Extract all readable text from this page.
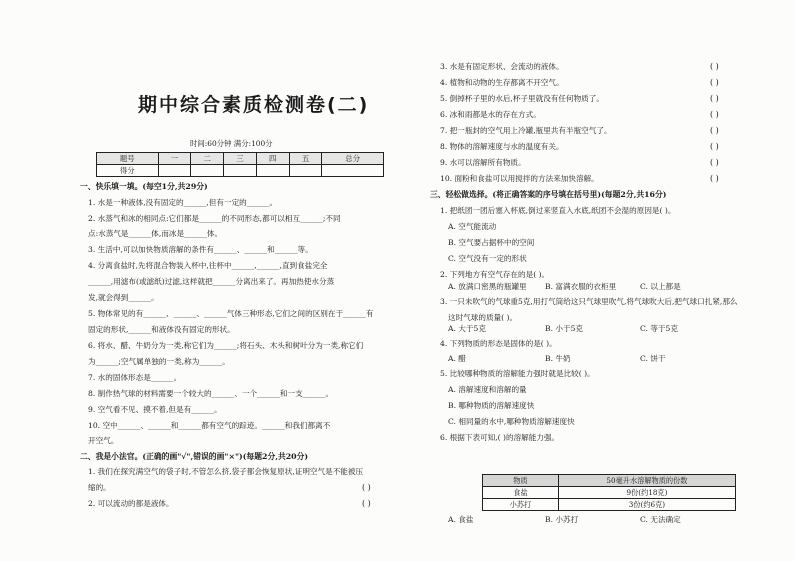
期中综合素质检测卷(二)
时间:60分钟 满分:100分
题号	一	二	三	四	五	总分
得分						
物质	50毫升水溶解物质的份数
食盐	9份(约18克)
小苏打	3份(约6克)
一、快乐填一填。(每空1分,共29分)
1. 水是一种液体,没有固定的______,但有一定的______。
2. 水蒸气和冰的相同点:它们都是______的不同形态,都可以相互______;不同
点:水蒸气是______体,而冰是______体。
3. 生活中,可以加快物质溶解的条件有______、______和______等。
4. 分离食盐时,先将混合物装入杯中,往杯中______,______,直到食盐完全
______,用滤布(或滤纸)过滤,这样就把______分离出来了。再加热使水分蒸
发,就会得到______。
5. 物体常见的有______、______、______气体三种形态,它们之间的区别在于______有
固定的形状,______和液体没有固定的形状。
6. 将水、醋、牛奶分为一类,称它们为______;将石头、木头和树叶分为一类,称它们
为______;空气属单独的一类,称为______。
7. 水的固体形态是______。
8. 制作热气球的材料需要一个较大的______、一个______和一支______。
9. 空气看不见、摸不着,但是有______。
10. 空中______、______和______都有空气的踪迹。______和我们都离不
开空气。
二、我是小法官。(正确的画"√",错误的画"×")(每题2分,共20分)
1. 我们在探究满空气的袋子时,不管怎么挤,袋子都会恢复原状,证明空气是不能被压
缩的。
2. 可以流动的都是液体。
( )
( )
3. 水是有固定形状、会流动的液体。	( )
4. 植物和动物的生存都离不开空气。	( )
5. 倒掉杯子里的水后,杯子里就没有任何物质了。	( )
6. 冰和雨都是水的存在方式。	( )
7. 把一瓶封的空气用上冷罐,瓶里共有半瓶空气了。	( )
8. 物体的溶解速度与水的温度有关。	( )
9. 水可以溶解所有物质。	( )
10. 面粉和食盐可以用搅拌的方法来加快溶解。	( )
三、轻松做选择。(将正确答案的序号填在括号里)(每题2分,共16分)
1. 把纸团一团后塞入杯底,倒过来竖直入水底,纸团不会湿的原因是( )。
A. 空气能流动
B. 空气要占据杯中的空间
C. 空气没有一定的形状
2. 下列地方有空气存在的是( )。
3. 一只未吹气的气球重5克,用打气筒给这只气球里吹气,将气球吹大后,把气球口扎紧,那么
这时气球的质量( )。
4. 下列物质的形态是固体的是( )。
5. 比较哪种物质的溶解能力强时就是比较( )。
A. 溶解速度和溶解的量
B. 哪种物质的溶解速度快
C. 相同量的水中,哪种物质溶解速度快
6. 根据下表可知,( )的溶解能力强。
A. 放满口密黑的瓶罐里 B. 富满衣服的衣柜里	C. 以上都是
A. 大于5克	B. 小于5克	C. 等于5克
A. 醋	B. 牛奶	C. 饼干
A. 食盐	B. 小苏打	C. 无法确定
